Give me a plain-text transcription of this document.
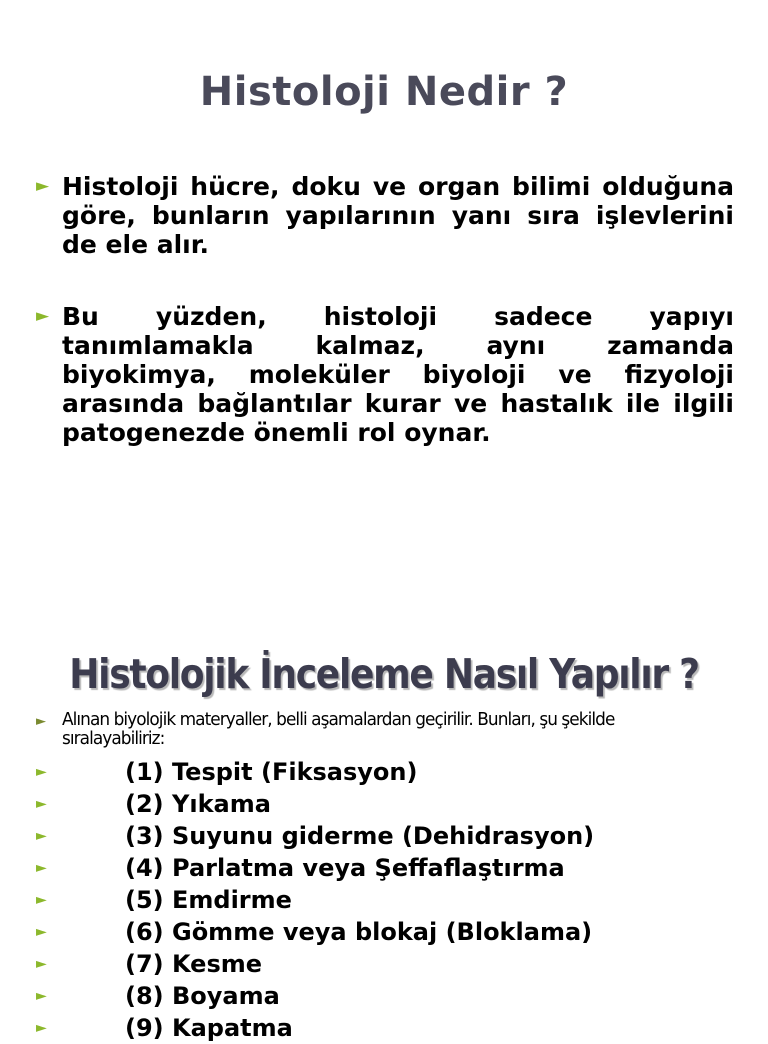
Histoloji Nedir ?
► Histoloji hücre, doku ve organ bilimi olduğuna göre, bunların yapılarının yanı sıra işlevlerini de ele alır.
► Bu yüzden, histoloji sadece yapıyı tanımlamakla kalmaz, aynı zamanda biyokimya, moleküler biyoloji ve fizyoloji arasında bağlantılar kurar ve hastalık ile ilgili patogenezde önemli rol oynar.
Histolojik İnceleme Nasıl Yapılır ?
► Alınan biyolojik materyaller, belli aşamalardan geçirilir. Bunları, şu şekilde sıralayabiliriz:
►	(1) Tespit (Fiksasyon)
►	(2) Yıkama
►	(3) Suyunu giderme (Dehidrasyon)
►	(4) Parlatma veya Şeffaflaştırma
►	(5) Emdirme
►	(6) Gömme veya blokaj (Bloklama)
►	(7) Kesme
►	(8) Boyama
►	(9) Kapatma
